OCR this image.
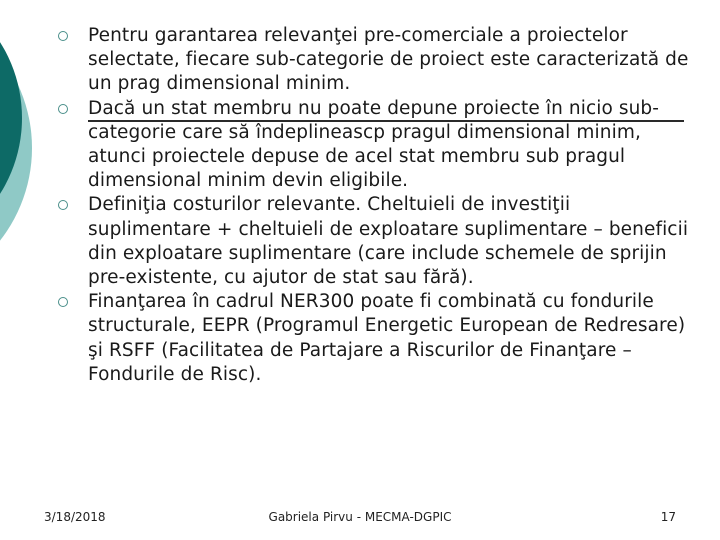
Pentru garantarea relevanţei pre-comerciale a proiectelor selectate, fiecare sub-categorie de proiect este caracterizată de un prag dimensional minim.
Dacă un stat membru nu poate depune proiecte în nicio sub-categorie care să îndeplineascp pragul dimensional minim, atunci proiectele depuse de acel stat membru sub pragul dimensional minim devin eligibile.
Definiţia costurilor relevante. Cheltuieli de investiţii suplimentare + cheltuieli de exploatare suplimentare – beneficii din exploatare suplimentare (care include schemele de sprijin pre-existente, cu ajutor de stat sau fără).
Finanţarea în cadrul NER300 poate fi combinată cu fondurile structurale, EEPR (Programul Energetic European de Redresare) şi RSFF (Facilitatea de Partajare a Riscurilor de Finanţare – Fondurile de Risc).
3/18/2018	Gabriela Pirvu - MECMA-DGPIC	17
